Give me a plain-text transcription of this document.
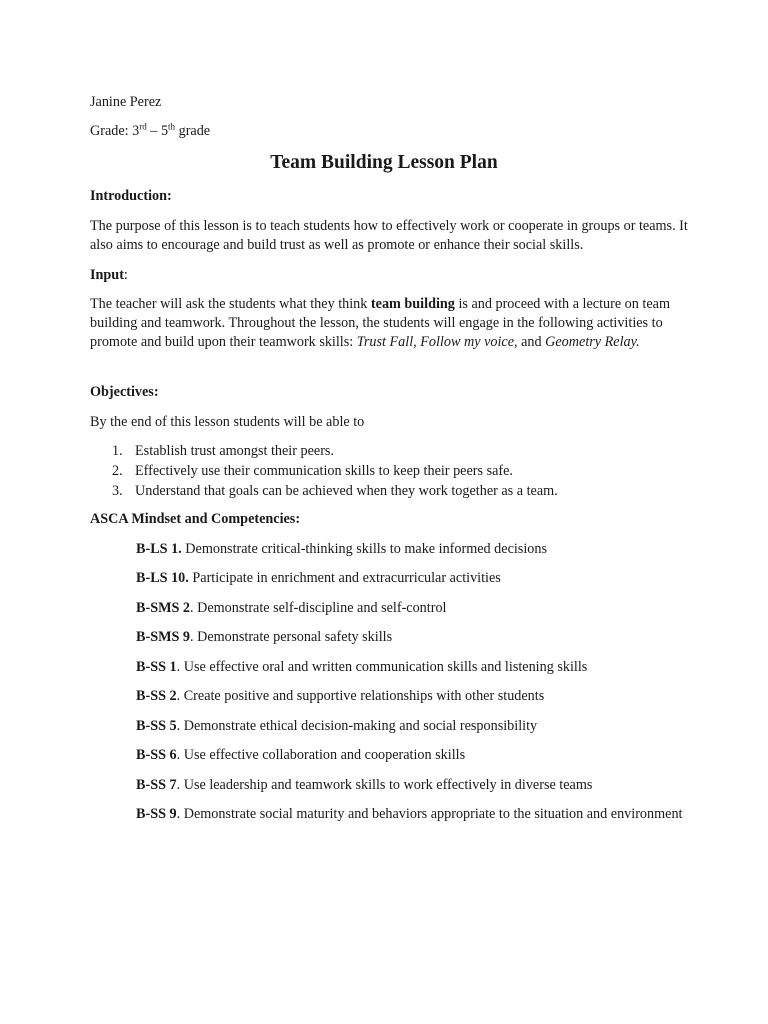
Janine Perez
Grade: 3rd – 5th grade
Team Building Lesson Plan
Introduction:
The purpose of this lesson is to teach students how to effectively work or cooperate in groups or teams. It also aims to encourage and build trust as well as promote or enhance their social skills.
Input:
The teacher will ask the students what they think team building is and proceed with a lecture on team building and teamwork. Throughout the lesson, the students will engage in the following activities to promote and build upon their teamwork skills: Trust Fall, Follow my voice, and Geometry Relay.
Objectives:
By the end of this lesson students will be able to
1. Establish trust amongst their peers.
2. Effectively use their communication skills to keep their peers safe.
3. Understand that goals can be achieved when they work together as a team.
ASCA Mindset and Competencies:
B-LS 1. Demonstrate critical-thinking skills to make informed decisions
B-LS 10. Participate in enrichment and extracurricular activities
B-SMS 2. Demonstrate self-discipline and self-control
B-SMS 9. Demonstrate personal safety skills
B-SS 1. Use effective oral and written communication skills and listening skills
B-SS 2. Create positive and supportive relationships with other students
B-SS 5. Demonstrate ethical decision-making and social responsibility
B-SS 6. Use effective collaboration and cooperation skills
B-SS 7. Use leadership and teamwork skills to work effectively in diverse teams
B-SS 9. Demonstrate social maturity and behaviors appropriate to the situation and environment
